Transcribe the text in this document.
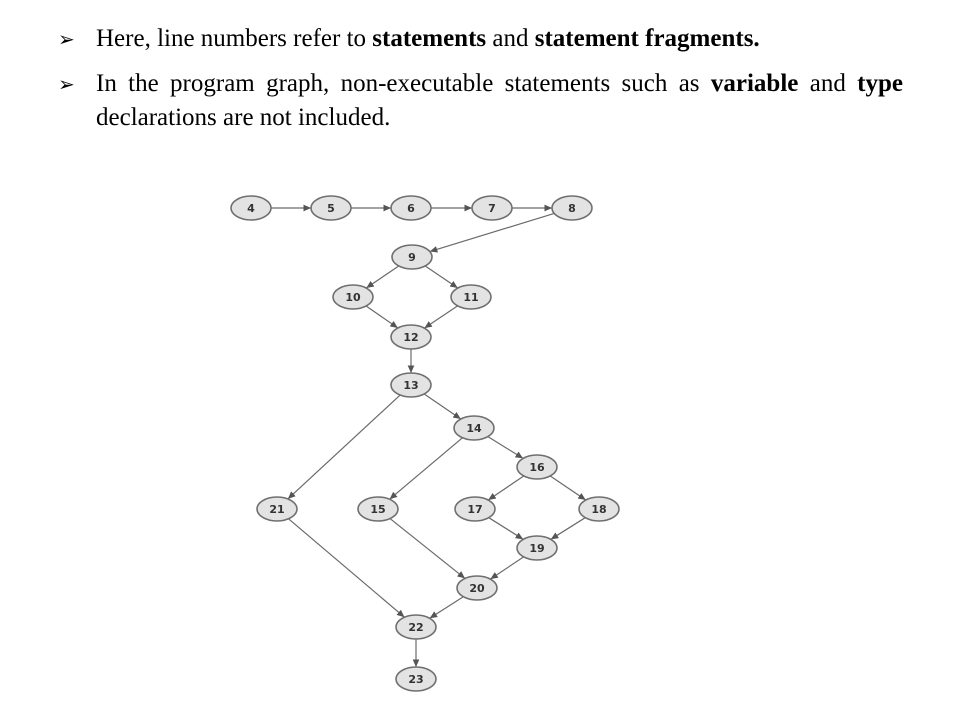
➢ Here, line numbers refer to statements and statement fragments.
➢ In the program graph, non-executable statements such as variable and type declarations are not included.
4	5	6	7	8
9
10	11
12
13
14
15
16
17	18
19
20
21
22
23
